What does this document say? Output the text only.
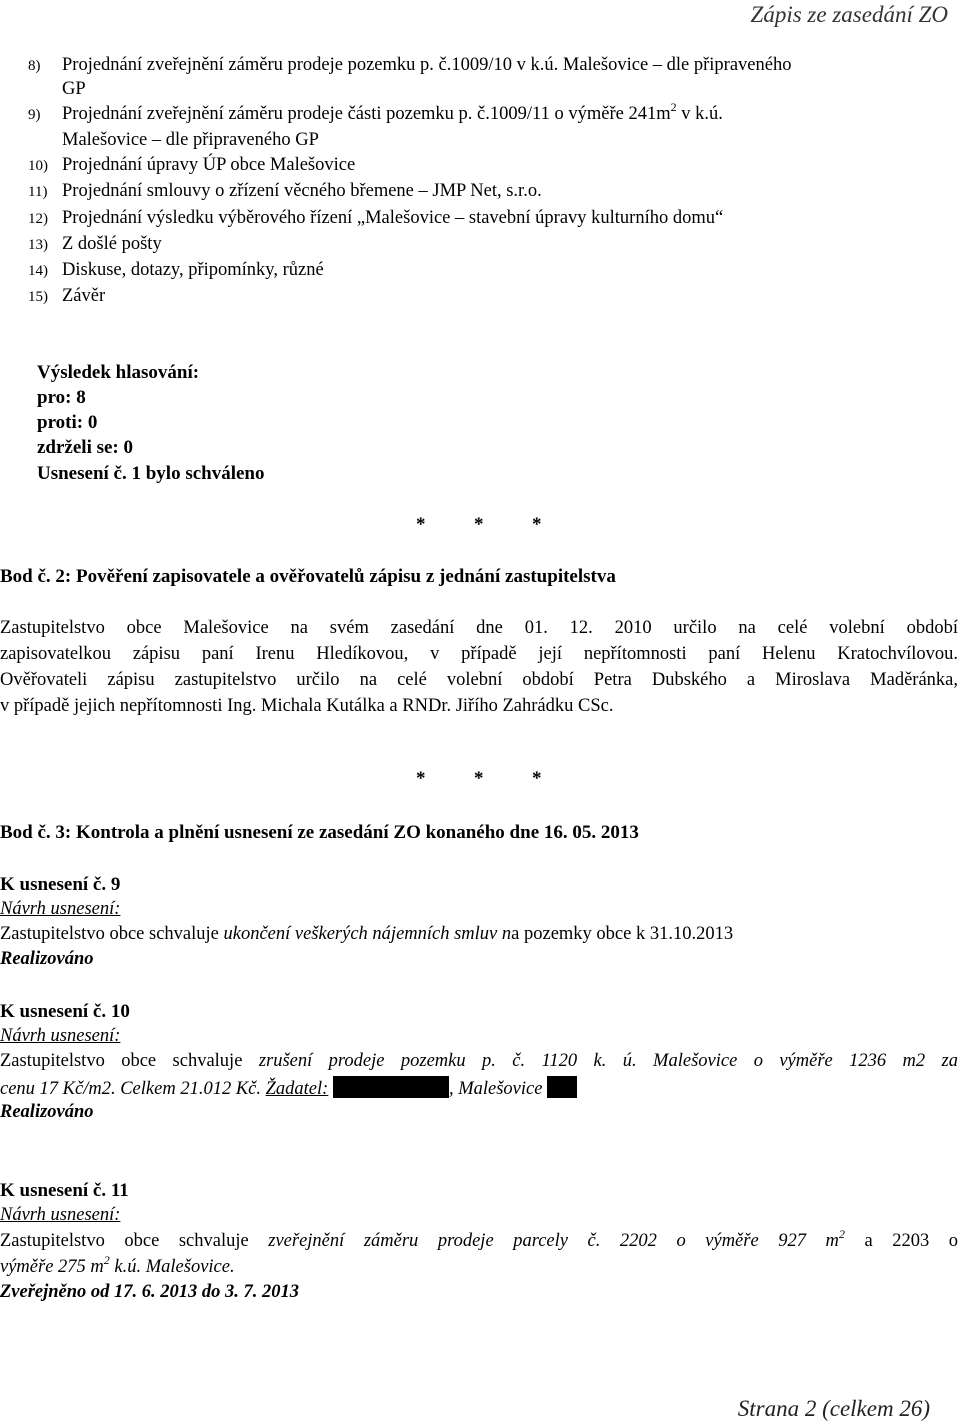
Zápis ze zasedání ZO
8) Projednání zveřejnění záměru prodeje pozemku p. č.1009/10 v k.ú. Malešovice – dle připraveného
GP
9) Projednání zveřejnění záměru prodeje části pozemku p. č.1009/11 o výměře $241m^2$ v k.ú.
Malešovice – dle připraveného GP
10) Projednání úpravy ÚP obce Malešovice
11) Projednání smlouvy o zřízení věcného břemene – JMP Net, s.r.o.
12) Projednání výsledku výběrového řízení „Malešovice – stavební úpravy kulturního domu“
13) Z došlé pošty
14) Diskuse, dotazy, připomínky, různé
15) Závěr
Výsledek hlasování:
pro: 8
proti: 0
zdrželi se: 0
Usnesení č. 1 bylo schváleno
*	*	*
Bod č. 2: Pověření zapisovatele a ověřovatelů zápisu z jednání zastupitelstva
Zastupitelstvo obce Malešovice na svém zasedání dne 01. 12. 2010 určilo na celé volební období
zapisovatelkou zápisu paní Irenu Hledíkovou, v případě její nepřítomnosti paní Helenu Kratochvílovou.
Ověřovateli zápisu zastupitelstvo určilo na celé volební období Petra Dubského a Miroslava Maděránka,
v případě jejich nepřítomnosti Ing. Michala Kutálka a RNDr. Jiřího Zahrádku CSc.
*	*	*
Bod č. 3: Kontrola a plnění usnesení ze zasedání ZO konaného dne 16. 05. 2013
K usnesení č. 9
Návrh usnesení:
Zastupitelstvo obce schvaluje ukončení veškerých nájemních smluv na pozemky obce k 31.10.2013
Realizováno
K usnesení č. 10
Návrh usnesení:
Zastupitelstvo obce schvaluje zrušení prodeje pozemku p. č. 1120 k. ú. Malešovice o výměře 1236 m2 za
cenu 17 Kč/m2. Celkem 21.012 Kč. Žadatel:	, Malešovice
Realizováno
K usnesení č. 11
Návrh usnesení:
Zastupitelstvo obce schvaluje zveřejnění záměru prodeje parcely č. 2202 o výměře 927 $m^2$ a 2203 o
výměře 275 $m^2$ k.ú. Malešovice.
Zveřejněno od 17. 6. 2013 do 3. 7. 2013
Strana 2 (celkem 26)
